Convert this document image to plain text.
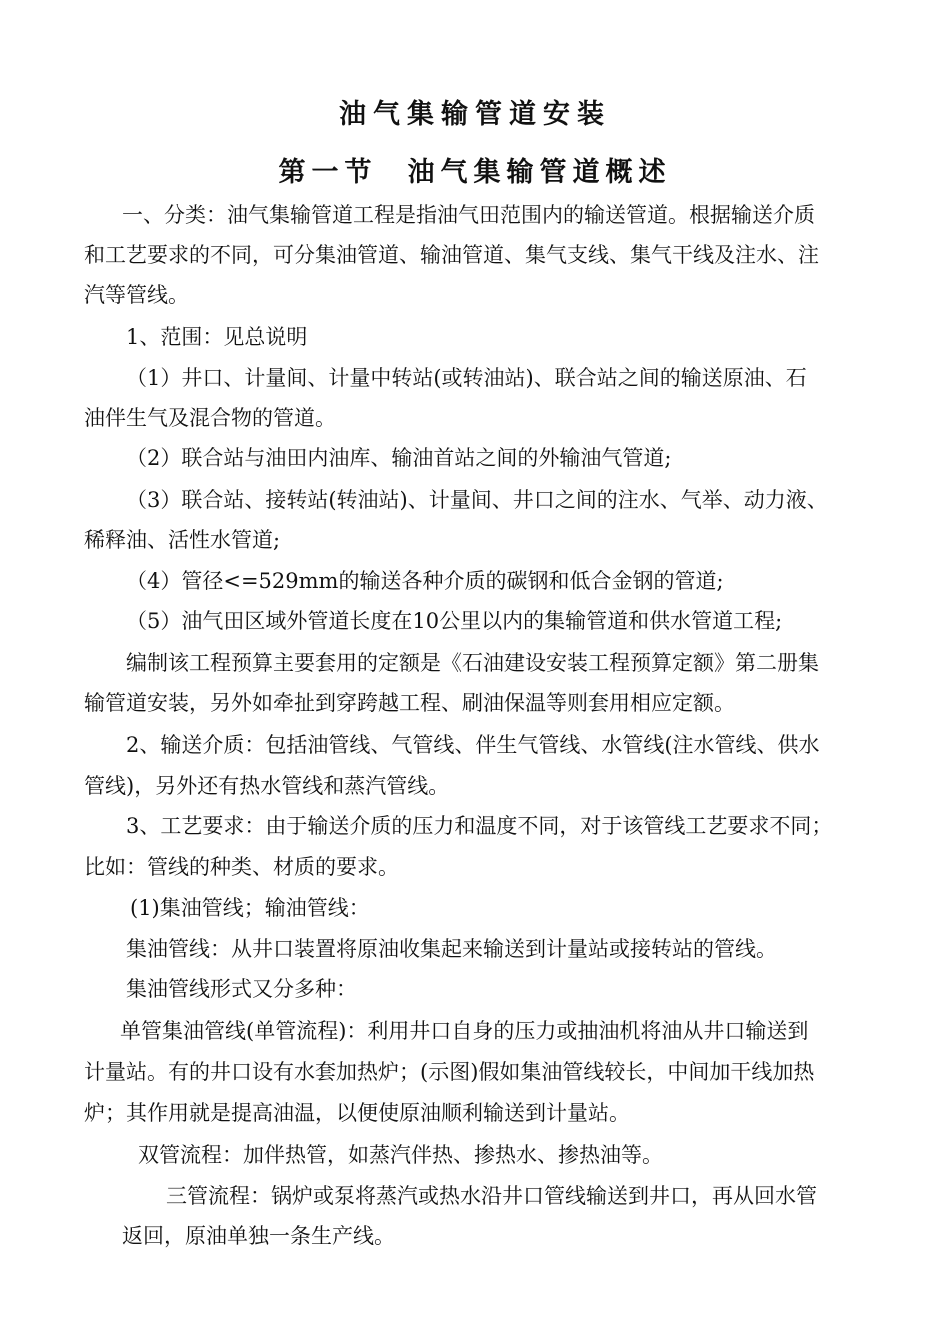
油气集输管道安装
第一节 油气集输管道概述
一、分类：油气集输管道工程是指油气田范围内的输送管道。根据输送介质
和工艺要求的不同，可分集油管道、输油管道、集气支线、集气干线及注水、注
汽等管线。
1、范围：见总说明
（1）井口、计量间、计量中转站(或转油站)、联合站之间的输送原油、石
油伴生气及混合物的管道。
（2）联合站与油田内油库、输油首站之间的外输油气管道;
（3）联合站、接转站(转油站)、计量间、井口之间的注水、气举、动力液、
稀释油、活性水管道;
（4）管径<=529mm的输送各种介质的碳钢和低合金钢的管道;
（5）油气田区域外管道长度在10公里以内的集输管道和供水管道工程;
编制该工程预算主要套用的定额是《石油建设安装工程预算定额》第二册集
输管道安装，另外如牵扯到穿跨越工程、刷油保温等则套用相应定额。
2、输送介质：包括油管线、气管线、伴生气管线、水管线(注水管线、供水
管线)，另外还有热水管线和蒸汽管线。
3、工艺要求：由于输送介质的压力和温度不同，对于该管线工艺要求不同；
比如：管线的种类、材质的要求。
(1)集油管线；输油管线：
集油管线：从井口装置将原油收集起来输送到计量站或接转站的管线。
集油管线形式又分多种：
单管集油管线(单管流程)：利用井口自身的压力或抽油机将油从井口输送到
计量站。有的井口设有水套加热炉；(示图)假如集油管线较长，中间加干线加热
炉；其作用就是提高油温，以便使原油顺利输送到计量站。
双管流程：加伴热管，如蒸汽伴热、掺热水、掺热油等。
三管流程：锅炉或泵将蒸汽或热水沿井口管线输送到井口，再从回水管
返回，原油单独一条生产线。
